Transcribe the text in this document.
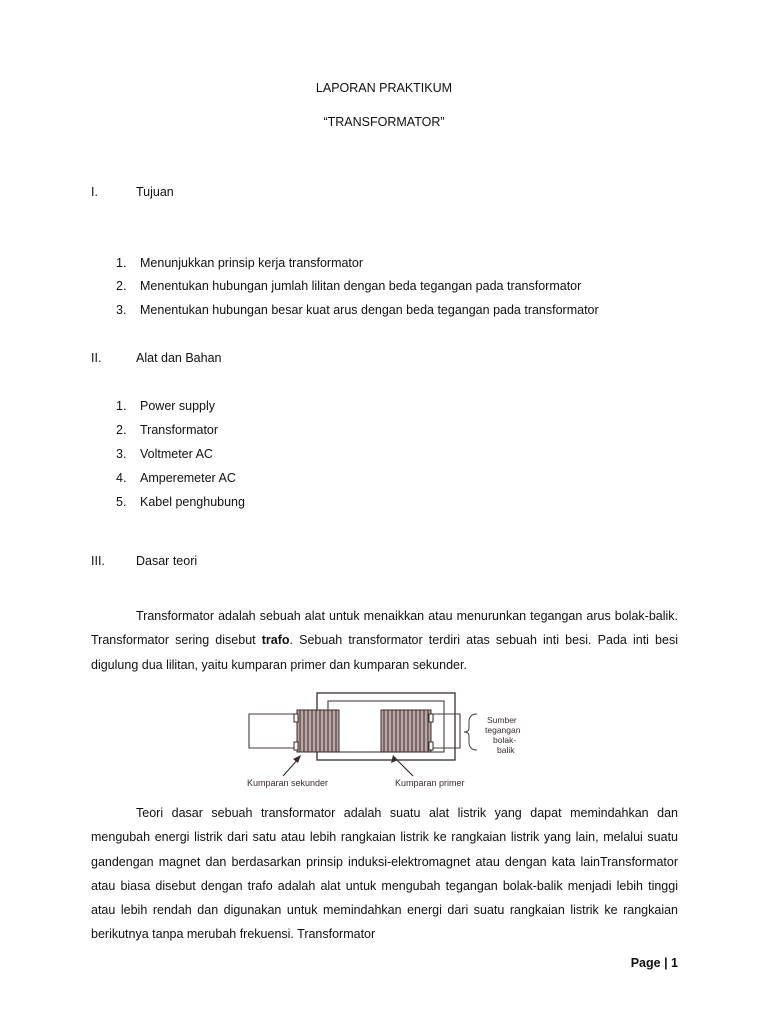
LAPORAN PRAKTIKUM
“TRANSFORMATOR”
I.	Tujuan
1. Menunjukkan prinsip kerja transformator
2. Menentukan hubungan jumlah lilitan dengan beda tegangan pada transformator
3. Menentukan hubungan besar kuat arus dengan beda tegangan pada transformator
II.	Alat dan Bahan
1. Power supply
2. Transformator
3. Voltmeter AC
4. Amperemeter AC
5. Kabel penghubung
III. Dasar teori
Transformator adalah sebuah alat untuk menaikkan atau menurunkan tegangan arus bolak-balik. Transformator sering disebut trafo. Sebuah transformator terdiri atas sebuah inti besi. Pada inti besi digulung dua lilitan, yaitu kumparan primer dan kumparan sekunder.
Kumparan sekunder	Kumparan primer
Sumber
tegangan
bolak-
balik
Teori dasar sebuah transformator adalah suatu alat listrik yang dapat memindahkan dan mengubah energi listrik dari satu atau lebih rangkaian listrik ke rangkaian listrik yang lain, melalui suatu gandengan magnet dan berdasarkan prinsip induksi-elektromagnet atau dengan kata lainTransformator atau biasa disebut dengan trafo adalah alat untuk mengubah tegangan bolak-balik menjadi lebih tinggi atau lebih rendah dan digunakan untuk memindahkan energi dari suatu rangkaian listrik ke rangkaian berikutnya tanpa merubah frekuensi. Transformator
Page | 1
